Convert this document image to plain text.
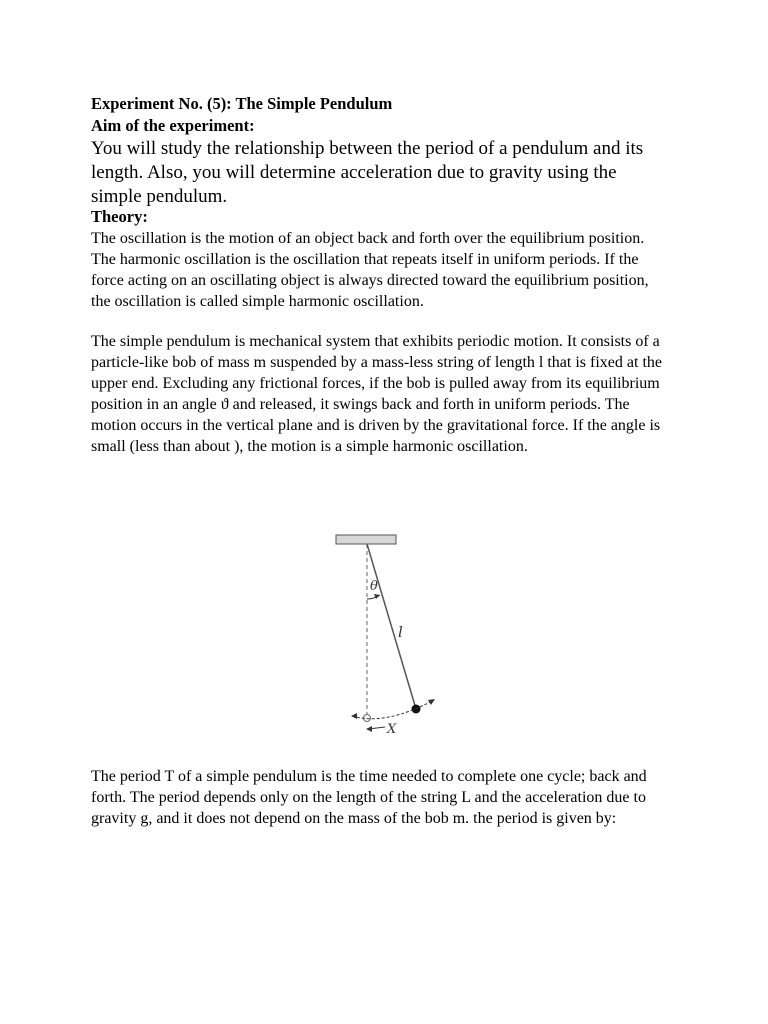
Experiment No. (5): The Simple Pendulum
Aim of the experiment:

You will study the relationship between the period of a pendulum and its length. Also, you will determine acceleration due to gravity using the simple pendulum.

Theory:

The oscillation is the motion of an object back and forth over the equilibrium position. The harmonic oscillation is the oscillation that repeats itself in uniform periods. If the force acting on an oscillating object is always directed toward the equilibrium position, the oscillation is called simple harmonic oscillation.

The simple pendulum is mechanical system that exhibits periodic motion. It consists of a particle-like bob of mass m suspended by a mass-less string of length l that is fixed at the upper end. Excluding any frictional forces, if the bob is pulled away from its equilibrium position in an angle ϑ and released, it swings back and forth in uniform periods. The motion occurs in the vertical plane and is driven by the gravitational force. If the angle is small (less than about ), the motion is a simple harmonic oscillation.

θ
l
X

The period T of a simple pendulum is the time needed to complete one cycle; back and forth. The period depends only on the length of the string L and the acceleration due to gravity g, and it does not depend on the mass of the bob m. the period is given by:
